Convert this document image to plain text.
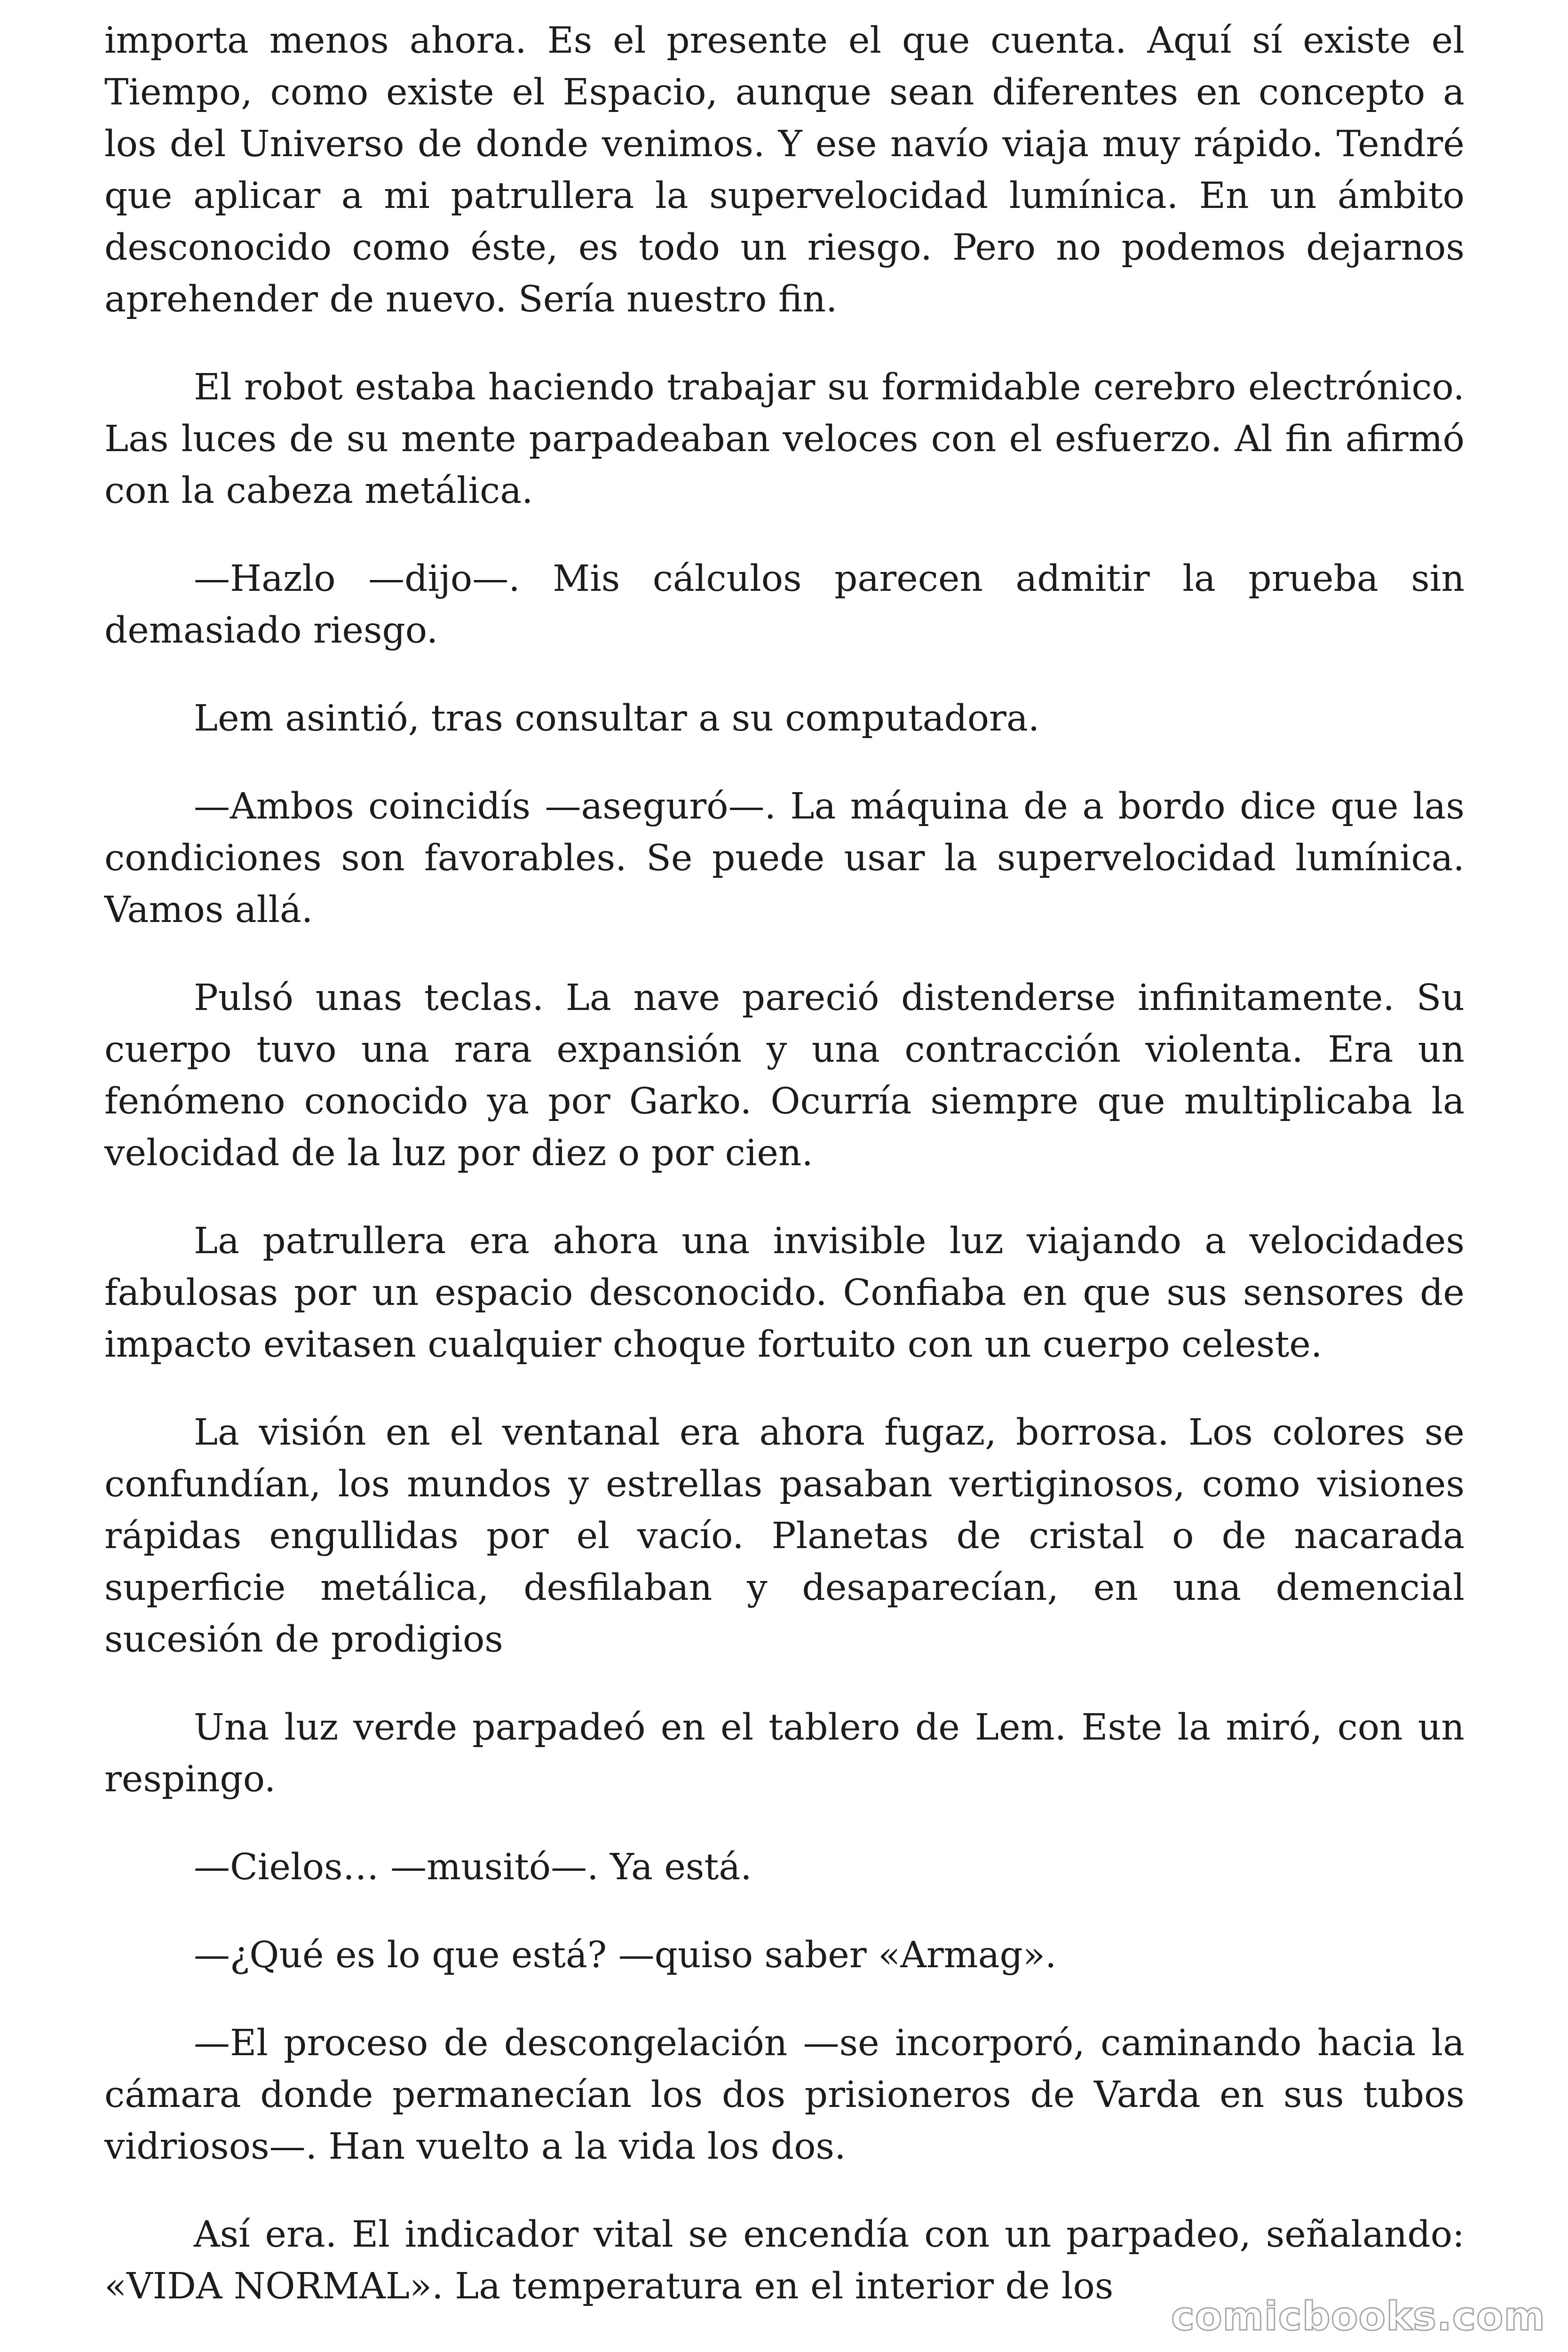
importa menos ahora. Es el presente el que cuenta. Aquí sí existe el Tiempo, como existe el Espacio, aunque sean diferentes en concepto a los del Universo de donde venimos. Y ese navío viaja muy rápido. Tendré que aplicar a mi patrullera la supervelocidad lumínica. En un ámbito desconocido como éste, es todo un riesgo. Pero no podemos dejarnos aprehender de nuevo. Sería nuestro fin.

El robot estaba haciendo trabajar su formidable cerebro electrónico. Las luces de su mente parpadeaban veloces con el esfuerzo. Al fin afirmó con la cabeza metálica.

—Hazlo —dijo—. Mis cálculos parecen admitir la prueba sin demasiado riesgo.

Lem asintió, tras consultar a su computadora.

—Ambos coincidís —aseguró—. La máquina de a bordo dice que las condiciones son favorables. Se puede usar la supervelocidad lumínica. Vamos allá.

Pulsó unas teclas. La nave pareció distenderse infinitamente. Su cuerpo tuvo una rara expansión y una contracción violenta. Era un fenómeno conocido ya por Garko. Ocurría siempre que multiplicaba la velocidad de la luz por diez o por cien.

La patrullera era ahora una invisible luz viajando a velocidades fabulosas por un espacio desconocido. Confiaba en que sus sensores de impacto evitasen cualquier choque fortuito con un cuerpo celeste.

La visión en el ventanal era ahora fugaz, borrosa. Los colores se confundían, los mundos y estrellas pasaban vertiginosos, como visiones rápidas engullidas por el vacío. Planetas de cristal o de nacarada superficie metálica, desfilaban y desaparecían, en una demencial sucesión de prodigios

Una luz verde parpadeó en el tablero de Lem. Este la miró, con un respingo.

—Cielos… —musitó—. Ya está.

—¿Qué es lo que está? —quiso saber «Armag».

—El proceso de descongelación —se incorporó, caminando hacia la cámara donde permanecían los dos prisioneros de Varda en sus tubos vidriosos—. Han vuelto a la vida los dos.

Así era. El indicador vital se encendía con un parpadeo, señalando: «VIDA NORMAL». La temperatura en el interior de los

comicbooks.com
